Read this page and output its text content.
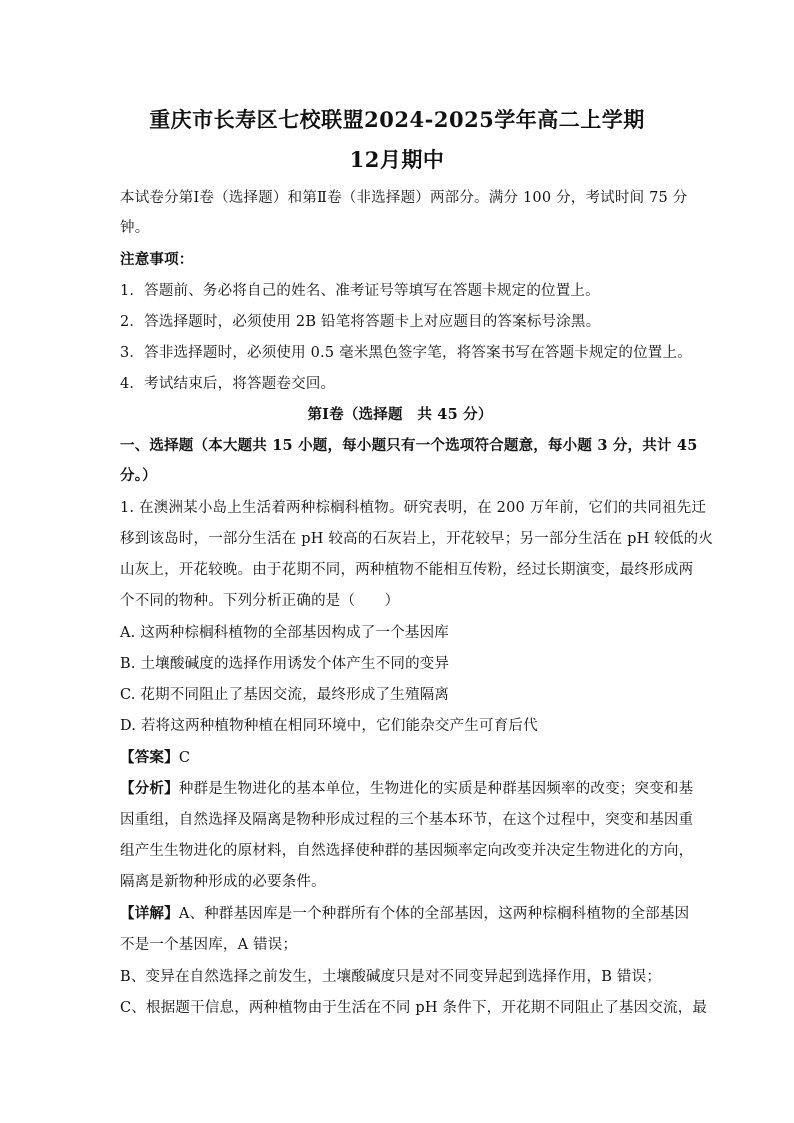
重庆市长寿区七校联盟2024-2025学年高二上学期
12月期中
本试卷分第Ⅰ卷（选择题）和第Ⅱ卷（非选择题）两部分。满分 100 分，考试时间 75 分
钟。
注意事项：
1．答题前、务必将自己的姓名、准考证号等填写在答题卡规定的位置上。
2．答选择题时，必须使用 2B 铅笔将答题卡上对应题目的答案标号涂黑。
3．答非选择题时，必须使用 0.5 毫米黑色签字笔，将答案书写在答题卡规定的位置上。
4．考试结束后，将答题卷交回。
第Ⅰ卷（选择题　共 45 分）
一、选择题（本大题共 15 小题，每小题只有一个选项符合题意，每小题 3 分，共计 45
分。）
1. 在澳洲某小岛上生活着两种棕榈科植物。研究表明，在 200 万年前，它们的共同祖先迁
移到该岛时，一部分生活在 pH 较高的石灰岩上，开花较早；另一部分生活在 pH 较低的火
山灰上，开花较晚。由于花期不同，两种植物不能相互传粉，经过长期演变，最终形成两
个不同的物种。下列分析正确的是（　　）
A. 这两种棕榈科植物的全部基因构成了一个基因库
B. 土壤酸碱度的选择作用诱发个体产生不同的变异
C. 花期不同阻止了基因交流，最终形成了生殖隔离
D. 若将这两种植物种植在相同环境中，它们能杂交产生可育后代
【答案】C
【分析】种群是生物进化的基本单位，生物进化的实质是种群基因频率的改变；突变和基
因重组，自然选择及隔离是物种形成过程的三个基本环节，在这个过程中，突变和基因重
组产生生物进化的原材料，自然选择使种群的基因频率定向改变并决定生物进化的方向，
隔离是新物种形成的必要条件。
【详解】A、种群基因库是一个种群所有个体的全部基因，这两种棕榈科植物的全部基因
不是一个基因库，A 错误；
B、变异在自然选择之前发生，土壤酸碱度只是对不同变异起到选择作用，B 错误；
C、根据题干信息，两种植物由于生活在不同 pH 条件下，开花期不同阻止了基因交流，最
